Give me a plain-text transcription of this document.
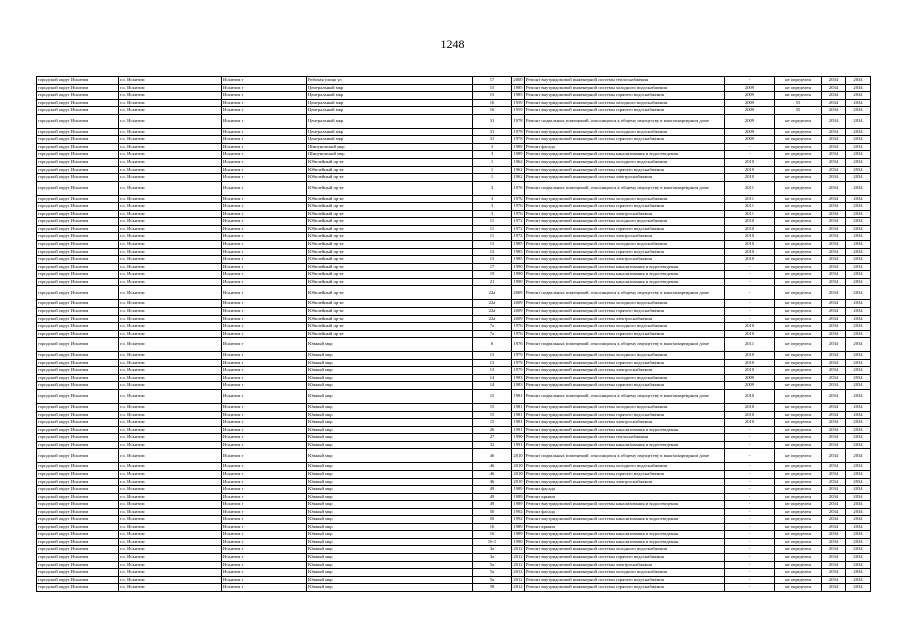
1248
городской округ Искитим	г.о. Искитим	Искитим г	Рабочая улица ул	17	2000	Ремонт внутридомовой инженерной системы теплоснабжения	-	не определен	2034	2034
городской округ Искитим	г.о. Искитим	Искитим г	Центральный мкр	15	1985	Ремонт внутридомовой инженерной системы холодного водоснабжения	2009	не определен	2034	2034
городской округ Искитим	г.о. Искитим	Искитим г	Центральный мкр	15	1985	Ремонт внутридомовой инженерной системы горячего водоснабжения	2009	не определен	2034	2034
городской округ Искитим	г.о. Искитим	Искитим г	Центральный мкр	16	1959	Ремонт внутридомовой инженерной системы холодного водоснабжения	2009	55	2034	2034
городской округ Искитим	г.о. Искитим	Искитим г	Центральный мкр	16	1959	Ремонт внутридомовой инженерной системы горячего водоснабжения	2009	55	2034	2034
городской округ Искитим	г.о. Искитим	Искитим г	Центральный мкр	31	1978	Ремонт подвальных помещений, относящихся к общему имуществу в многоквартирном доме	2009	не определен	2034	2034
городской округ Искитим	г.о. Искитим	Искитим г	Центральный мкр	31	1978	Ремонт внутридомовой инженерной системы холодного водоснабжения	2009	не определен	2034	2034
городской округ Искитим	г.о. Искитим	Искитим г	Центральный мкр	31	1978	Ремонт внутридомовой инженерной системы горячего водоснабжения	2009	не определен	2034	2034
городской округ Искитим	г.о. Искитим	Искитим г	Шипуновский мкр	3	1989	Ремонт фасада	-	не определен	2034	2034
городской округ Искитим	г.о. Искитим	Искитим г	Шипуновский мкр	3	1989	Ремонт внутридомовой инженерной системы канализования и водоотведения	-	не определен	2034	2034
городской округ Искитим	г.о. Искитим	Искитим г	Юбилейный пр-кт	1	1962	Ремонт внутридомовой инженерной системы холодного водоснабжения	2010	не определен	2034	2034
городской округ Искитим	г.о. Искитим	Искитим г	Юбилейный пр-кт	1	1962	Ремонт внутридомовой инженерной системы горячего водоснабжения	2010	не определен	2034	2034
городской округ Искитим	г.о. Искитим	Искитим г	Юбилейный пр-кт	1	1962	Ремонт внутридомовой инженерной системы электроснабжения	2010	не определен	2034	2034
городской округ Искитим	г.о. Искитим	Искитим г	Юбилейный пр-кт	3	1976	Ремонт подвальных помещений, относящихся к общему имуществу в многоквартирном доме	2011	не определен	2034	2034
городской округ Искитим	г.о. Искитим	Искитим г	Юбилейный пр-кт	3	1976	Ремонт внутридомовой инженерной системы холодного водоснабжения	2011	не определен	2034	2034
городской округ Искитим	г.о. Искитим	Искитим г	Юбилейный пр-кт	3	1976	Ремонт внутридомовой инженерной системы горячего водоснабжения	2011	не определен	2034	2034
городской округ Искитим	г.о. Искитим	Искитим г	Юбилейный пр-кт	3	1976	Ремонт внутридомовой инженерной системы электроснабжения	2011	не определен	2034	2034
городской округ Искитим	г.о. Искитим	Искитим г	Юбилейный пр-кт	11	1972	Ремонт внутридомовой инженерной системы холодного водоснабжения	2010	не определен	2034	2034
городской округ Искитим	г.о. Искитим	Искитим г	Юбилейный пр-кт	11	1972	Ремонт внутридомовой инженерной системы горячего водоснабжения	2010	не определен	2034	2034
городской округ Искитим	г.о. Искитим	Искитим г	Юбилейный пр-кт	11	1972	Ремонт внутридомовой инженерной системы электроснабжения	2010	не определен	2034	2034
городской округ Искитим	г.о. Искитим	Искитим г	Юбилейный пр-кт	13	1985	Ремонт внутридомовой инженерной системы холодного водоснабжения	2010	не определен	2034	2034
городской округ Искитим	г.о. Искитим	Искитим г	Юбилейный пр-кт	13	1985	Ремонт внутридомовой инженерной системы горячего водоснабжения	2010	не определен	2034	2034
городской округ Искитим	г.о. Искитим	Искитим г	Юбилейный пр-кт	13	1985	Ремонт внутридомовой инженерной системы электроснабжения	2010	не определен	2034	2034
городской округ Искитим	г.о. Искитим	Искитим г	Юбилейный пр-кт	17	1990	Ремонт внутридомовой инженерной системы канализования и водоотведения	-	не определен	2034	2034
городской округ Искитим	г.о. Искитим	Искитим г	Юбилейный пр-кт	19	1990	Ремонт внутридомовой инженерной системы канализования и водоотведения	-	не определен	2034	2034
городской округ Искитим	г.о. Искитим	Искитим г	Юбилейный пр-кт	21	1990	Ремонт внутридомовой инженерной системы канализования и водоотведения	-	не определен	2034	2034
городской округ Искитим	г.о. Искитим	Искитим г	Юбилейный пр-кт	22а	2009	Ремонт подвальных помещений, относящихся к общему имуществу в многоквартирном доме	-	не определен	2034	2034
городской округ Искитим	г.о. Искитим	Искитим г	Юбилейный пр-кт	22а	2009	Ремонт внутридомовой инженерной системы холодного водоснабжения	-	не определен	2034	2034
городской округ Искитим	г.о. Искитим	Искитим г	Юбилейный пр-кт	22а	2009	Ремонт внутридомовой инженерной системы горячего водоснабжения	-	не определен	2034	2034
городской округ Искитим	г.о. Искитим	Искитим г	Юбилейный пр-кт	22а	2009	Ремонт внутридомовой инженерной системы электроснабжения	-	не определен	2034	2034
городской округ Искитим	г.о. Искитим	Искитим г	Юбилейный пр-кт	7а	1976	Ремонт внутридомовой инженерной системы холодного водоснабжения	2010	не определен	2034	2034
городской округ Искитим	г.о. Искитим	Искитим г	Юбилейный пр-кт	7а	1976	Ремонт внутридомовой инженерной системы горячего водоснабжения	2010	не определен	2034	2034
городской округ Искитим	г.о. Искитим	Искитим г	Южный мкр	6	1976	Ремонт подвальных помещений, относящихся к общему имуществу в многоквартирном доме	2011	не определен	2034	2034
городской округ Искитим	г.о. Искитим	Искитим г	Южный мкр	13	1979	Ремонт внутридомовой инженерной системы холодного водоснабжения	2010	не определен	2034	2034
городской округ Искитим	г.о. Искитим	Искитим г	Южный мкр	13	1979	Ремонт внутридомовой инженерной системы горячего водоснабжения	2010	не определен	2034	2034
городской округ Искитим	г.о. Искитим	Искитим г	Южный мкр	13	1979	Ремонт внутридомовой инженерной системы электроснабжения	2010	не определен	2034	2034
городской округ Искитим	г.о. Искитим	Искитим г	Южный мкр	14	1983	Ремонт внутридомовой инженерной системы холодного водоснабжения	2009	не определен	2034	2034
городской округ Искитим	г.о. Искитим	Искитим г	Южный мкр	14	1983	Ремонт внутридомовой инженерной системы горячего водоснабжения	2009	не определен	2034	2034
городской округ Искитим	г.о. Искитим	Искитим г	Южный мкр	15	1981	Ремонт подвальных помещений, относящихся к общему имуществу в многоквартирном доме	2010	не определен	2034	2034
городской округ Искитим	г.о. Искитим	Искитим г	Южный мкр	15	1981	Ремонт внутридомовой инженерной системы холодного водоснабжения	2010	не определен	2034	2034
городской округ Искитим	г.о. Искитим	Искитим г	Южный мкр	15	1981	Ремонт внутридомовой инженерной системы горячего водоснабжения	2010	не определен	2034	2034
городской округ Искитим	г.о. Искитим	Искитим г	Южный мкр	15	1981	Ремонт внутридомовой инженерной системы электроснабжения	2010	не определен	2034	2034
городской округ Искитим	г.о. Искитим	Искитим г	Южный мкр	26	1991	Ремонт внутридомовой инженерной системы канализования и водоотведения	-	не определен	2034	2034
городской округ Искитим	г.о. Искитим	Искитим г	Южный мкр	27	1990	Ремонт внутридомовой инженерной системы теплоснабжения	-	не определен	2034	2034
городской округ Искитим	г.о. Искитим	Искитим г	Южный мкр	32	1991	Ремонт внутридомовой инженерной системы канализования и водоотведения	-	не определен	2034	2034
городской округ Искитим	г.о. Искитим	Искитим г	Южный мкр	46	2010	Ремонт подвальных помещений, относящихся к общему имуществу в многоквартирном доме	-	не определен	2034	2034
городской округ Искитим	г.о. Искитим	Искитим г	Южный мкр	46	2010	Ремонт внутридомовой инженерной системы холодного водоснабжения	-	не определен	2034	2034
городской округ Искитим	г.о. Искитим	Искитим г	Южный мкр	46	2010	Ремонт внутридомовой инженерной системы горячего водоснабжения	-	не определен	2034	2034
городской округ Искитим	г.о. Искитим	Искитим г	Южный мкр	46	2010	Ремонт внутридомовой инженерной системы электроснабжения	-	не определен	2034	2034
городской округ Искитим	г.о. Искитим	Искитим г	Южный мкр	49	1989	Ремонт фасада	-	не определен	2034	2034
городской округ Искитим	г.о. Искитим	Искитим г	Южный мкр	49	1989	Ремонт крыши	-	не определен	2034	2034
городской округ Искитим	г.о. Искитим	Искитим г	Южный мкр	49	1989	Ремонт внутридомовой инженерной системы канализования и водоотведения	-	не определен	2034	2034
городской округ Искитим	г.о. Искитим	Искитим г	Южный мкр	50	1992	Ремонт фасада	-	не определен	2034	2034
городской округ Искитим	г.о. Искитим	Искитим г	Южный мкр	50	1992	Ремонт внутридомовой инженерной системы канализования и водоотведения	-	не определен	2034	2034
городской округ Искитим	г.о. Искитим	Искитим г	Южный мкр	16	1989	Ремонт крыши	-	не определен	2034	2034
городской округ Искитим	г.о. Искитим	Искитим г	Южный мкр	16	1989	Ремонт внутридомовой инженерной системы канализования и водоотведения	-	не определен	2034	2034
городской округ Искитим	г.о. Искитим	Искитим г	Южный мкр	16-1	1990	Ремонт внутридомовой инженерной системы канализования и водоотведения	-	не определен	2034	2034
городской округ Искитим	г.о. Искитим	Искитим г	Южный мкр	3а	2012	Ремонт внутридомовой инженерной системы холодного водоснабжения	-	не определен	2034	2034
городской округ Искитим	г.о. Искитим	Искитим г	Южный мкр	3а	2012	Ремонт внутридомовой инженерной системы горячего водоснабжения	-	не определен	2034	2034
городской округ Искитим	г.о. Искитим	Искитим г	Южный мкр	5а	2012	Ремонт внутридомовой инженерной системы электроснабжения	-	не определен	2034	2034
городской округ Искитим	г.о. Искитим	Искитим г	Южный мкр	5а	2012	Ремонт внутридомовой инженерной системы холодного водоснабжения	-	не определен	2034	2034
городской округ Искитим	г.о. Искитим	Искитим г	Южный мкр	5а	2012	Ремонт внутридомовой инженерной системы горячего водоснабжения	-	не определен	2034	2034
городской округ Искитим	г.о. Искитим	Искитим г	Южный мкр	58	2012	Ремонт внутридомовой инженерной системы горячего водоснабжения	-	не определен	2034	2034
